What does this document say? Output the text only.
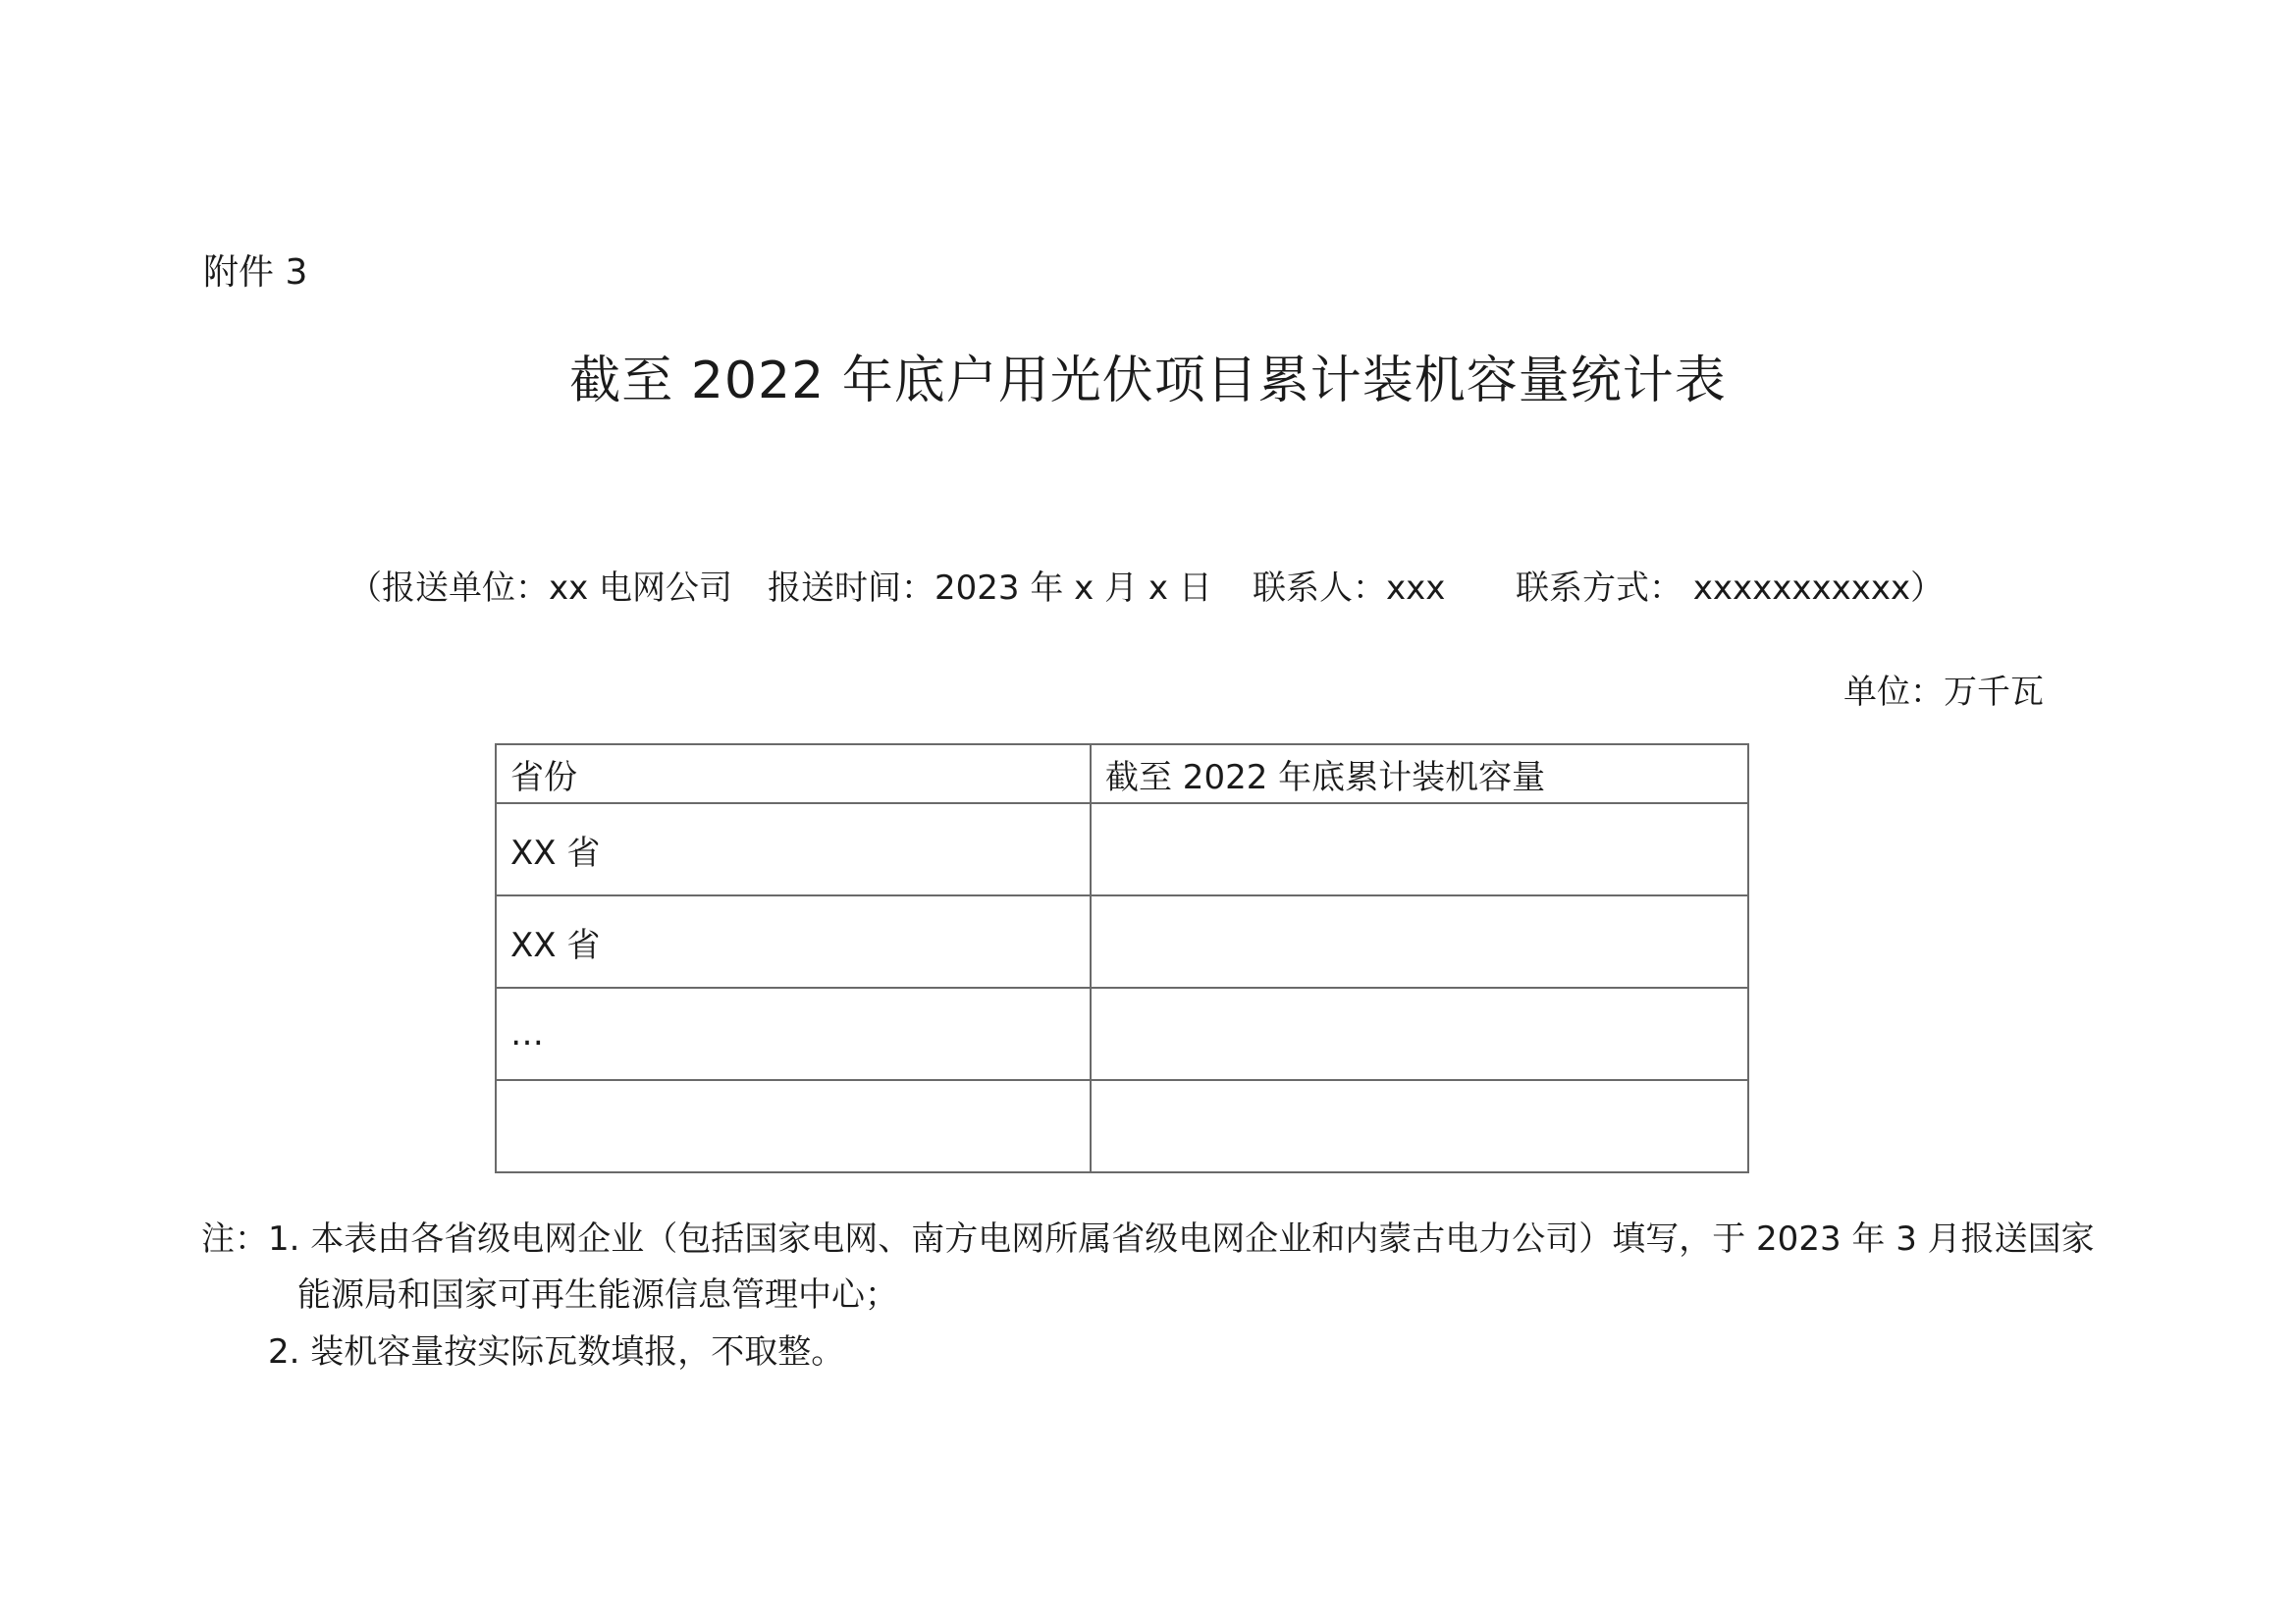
附件 3
截至 2022 年底户用光伏项目累计装机容量统计表
（报送单位：xx 电网公司 报送时间：2023 年 x 月 x 日 联系人：xxx 联系方式： xxxxxxxxxxx）
单位：万千瓦
省份	截至 2022 年底累计装机容量
XX 省	
XX 省	
…	

注： 1. 本表由各省级电网企业（包括国家电网、南方电网所属省级电网企业和内蒙古电力公司）填写，于 2023 年 3 月报送国家
能源局和国家可再生能源信息管理中心；
2. 装机容量按实际瓦数填报，不取整。
